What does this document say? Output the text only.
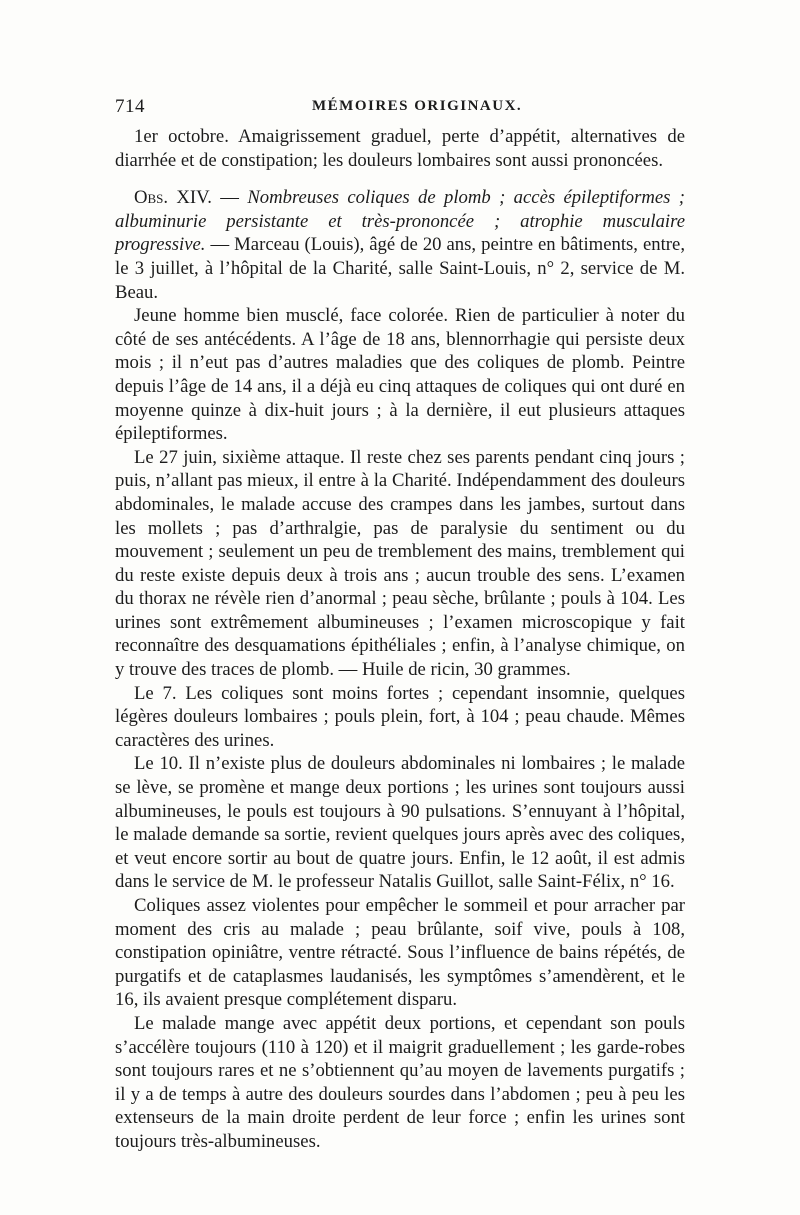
714	MÉMOIRES ORIGINAUX.

1er octobre. Amaigrissement graduel, perte d’appétit, alternatives de diarrhée et de constipation; les douleurs lombaires sont aussi prononcées.

Obs. XIV. — Nombreuses coliques de plomb ; accès épileptiformes ; albuminurie persistante et très-prononcée ; atrophie musculaire progressive. — Marceau (Louis), âgé de 20 ans, peintre en bâtiments, entre, le 3 juillet, à l’hôpital de la Charité, salle Saint-Louis, n° 2, service de M. Beau.

Jeune homme bien musclé, face colorée. Rien de particulier à noter du côté de ses antécédents. A l’âge de 18 ans, blennorrhagie qui persiste deux mois ; il n’eut pas d’autres maladies que des coliques de plomb. Peintre depuis l’âge de 14 ans, il a déjà eu cinq attaques de coliques qui ont duré en moyenne quinze à dix-huit jours ; à la dernière, il eut plusieurs attaques épileptiformes.

Le 27 juin, sixième attaque. Il reste chez ses parents pendant cinq jours ; puis, n’allant pas mieux, il entre à la Charité. Indépendamment des douleurs abdominales, le malade accuse des crampes dans les jambes, surtout dans les mollets ; pas d’arthralgie, pas de paralysie du sentiment ou du mouvement ; seulement un peu de tremblement des mains, tremblement qui du reste existe depuis deux à trois ans ; aucun trouble des sens. L’examen du thorax ne révèle rien d’anormal ; peau sèche, brûlante ; pouls à 104. Les urines sont extrêmement albumineuses ; l’examen microscopique y fait reconnaître des desquamations épithéliales ; enfin, à l’analyse chimique, on y trouve des traces de plomb. — Huile de ricin, 30 grammes.

Le 7. Les coliques sont moins fortes ; cependant insomnie, quelques légères douleurs lombaires ; pouls plein, fort, à 104 ; peau chaude. Mêmes caractères des urines.

Le 10. Il n’existe plus de douleurs abdominales ni lombaires ; le malade se lève, se promène et mange deux portions ; les urines sont toujours aussi albumineuses, le pouls est toujours à 90 pulsations. S’ennuyant à l’hôpital, le malade demande sa sortie, revient quelques jours après avec des coliques, et veut encore sortir au bout de quatre jours. Enfin, le 12 août, il est admis dans le service de M. le professeur Natalis Guillot, salle Saint-Félix, n° 16.

Coliques assez violentes pour empêcher le sommeil et pour arracher par moment des cris au malade ; peau brûlante, soif vive, pouls à 108, constipation opiniâtre, ventre rétracté. Sous l’influence de bains répétés, de purgatifs et de cataplasmes laudanisés, les symptômes s’amendèrent, et le 16, ils avaient presque complétement disparu.

Le malade mange avec appétit deux portions, et cependant son pouls s’accélère toujours (110 à 120) et il maigrit graduellement ; les garde-robes sont toujours rares et ne s’obtiennent qu’au moyen de lavements purgatifs ; il y a de temps à autre des douleurs sourdes dans l’abdomen ; peu à peu les extenseurs de la main droite perdent de leur force ; enfin les urines sont toujours très-albumineuses.
